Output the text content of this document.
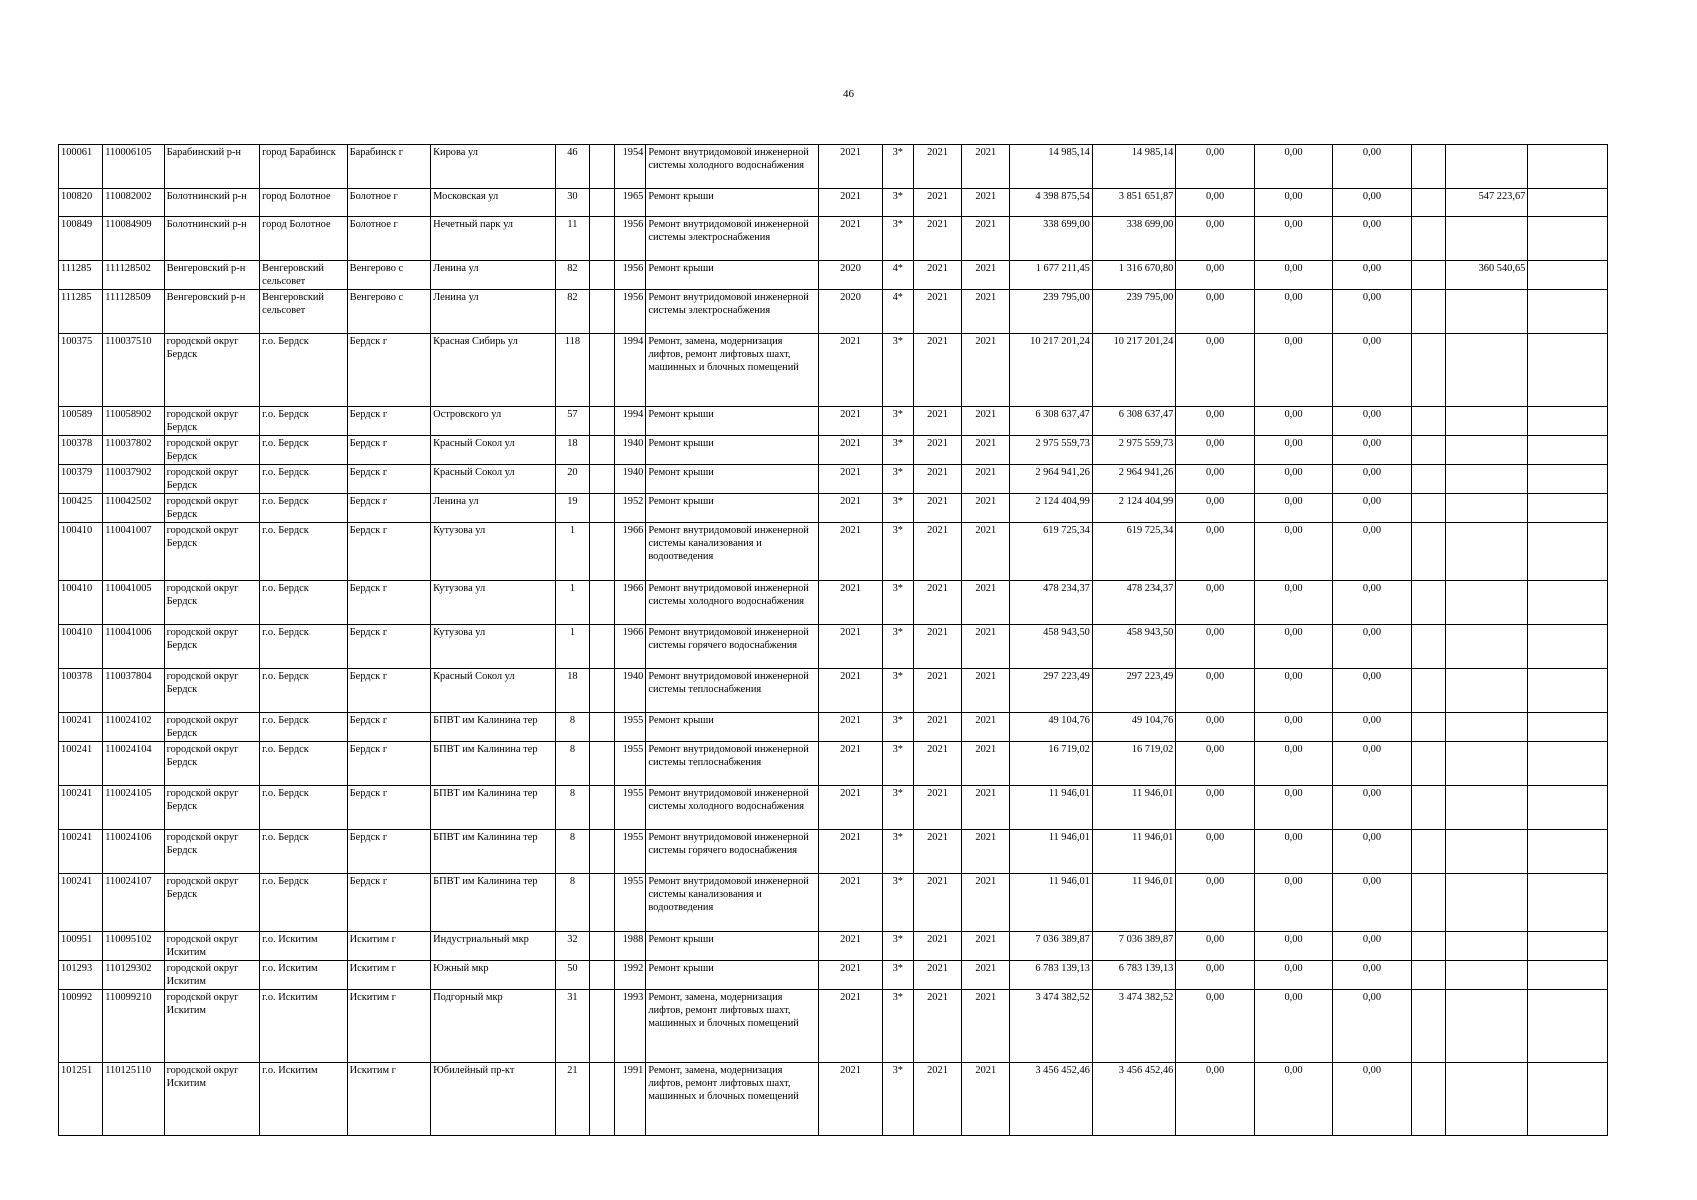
46
100061	110006105	Барабинский р-н	город Барабинск	Барабинск г	Кирова ул	46		1954	Ремонт внутридомовой инженерной системы холодного водоснабжения	2021	3*	2021	2021	14 985,14	14 985,14	0,00	0,00	0,00			
100820	110082002	Болотнинский р-н	город Болотное	Болотное г	Московская ул	30		1965	Ремонт крыши	2021	3*	2021	2021	4 398 875,54	3 851 651,87	0,00	0,00	0,00		547 223,67	
100849	110084909	Болотнинский р-н	город Болотное	Болотное г	Нечетный парк ул	11		1956	Ремонт внутридомовой инженерной системы электроснабжения	2021	3*	2021	2021	338 699,00	338 699,00	0,00	0,00	0,00			
111285	111128502	Венгеровский р-н	Венгеровский сельсовет	Венгерово с	Ленина ул	82		1956	Ремонт крыши	2020	4*	2021	2021	1 677 211,45	1 316 670,80	0,00	0,00	0,00		360 540,65	
111285	111128509	Венгеровский р-н	Венгеровский сельсовет	Венгерово с	Ленина ул	82		1956	Ремонт внутридомовой инженерной системы электроснабжения	2020	4*	2021	2021	239 795,00	239 795,00	0,00	0,00	0,00			
100375	110037510	городской округ Бердск	г.о. Бердск	Бердск г	Красная Сибирь ул	118		1994	Ремонт, замена, модернизация лифтов, ремонт лифтовых шахт, машинных и блочных помещений	2021	3*	2021	2021	10 217 201,24	10 217 201,24	0,00	0,00	0,00			
100589	110058902	городской округ Бердск	г.о. Бердск	Бердск г	Островского ул	57		1994	Ремонт крыши	2021	3*	2021	2021	6 308 637,47	6 308 637,47	0,00	0,00	0,00			
100378	110037802	городской округ Бердск	г.о. Бердск	Бердск г	Красный Сокол ул	18		1940	Ремонт крыши	2021	3*	2021	2021	2 975 559,73	2 975 559,73	0,00	0,00	0,00			
100379	110037902	городской округ Бердск	г.о. Бердск	Бердск г	Красный Сокол ул	20		1940	Ремонт крыши	2021	3*	2021	2021	2 964 941,26	2 964 941,26	0,00	0,00	0,00			
100425	110042502	городской округ Бердск	г.о. Бердск	Бердск г	Ленина ул	19		1952	Ремонт крыши	2021	3*	2021	2021	2 124 404,99	2 124 404,99	0,00	0,00	0,00			
100410	110041007	городской округ Бердск	г.о. Бердск	Бердск г	Кутузова ул	1		1966	Ремонт внутридомовой инженерной системы канализования и водоотведения	2021	3*	2021	2021	619 725,34	619 725,34	0,00	0,00	0,00			
100410	110041005	городской округ Бердск	г.о. Бердск	Бердск г	Кутузова ул	1		1966	Ремонт внутридомовой инженерной системы холодного водоснабжения	2021	3*	2021	2021	478 234,37	478 234,37	0,00	0,00	0,00			
100410	110041006	городской округ Бердск	г.о. Бердск	Бердск г	Кутузова ул	1		1966	Ремонт внутридомовой инженерной системы горячего водоснабжения	2021	3*	2021	2021	458 943,50	458 943,50	0,00	0,00	0,00			
100378	110037804	городской округ Бердск	г.о. Бердск	Бердск г	Красный Сокол ул	18		1940	Ремонт внутридомовой инженерной системы теплоснабжения	2021	3*	2021	2021	297 223,49	297 223,49	0,00	0,00	0,00			
100241	110024102	городской округ Бердск	г.о. Бердск	Бердск г	БПВТ им Калинина тер	8		1955	Ремонт крыши	2021	3*	2021	2021	49 104,76	49 104,76	0,00	0,00	0,00			
100241	110024104	городской округ Бердск	г.о. Бердск	Бердск г	БПВТ им Калинина тер	8		1955	Ремонт внутридомовой инженерной системы теплоснабжения	2021	3*	2021	2021	16 719,02	16 719,02	0,00	0,00	0,00			
100241	110024105	городской округ Бердск	г.о. Бердск	Бердск г	БПВТ им Калинина тер	8		1955	Ремонт внутридомовой инженерной системы холодного водоснабжения	2021	3*	2021	2021	11 946,01	11 946,01	0,00	0,00	0,00			
100241	110024106	городской округ Бердск	г.о. Бердск	Бердск г	БПВТ им Калинина тер	8		1955	Ремонт внутридомовой инженерной системы горячего водоснабжения	2021	3*	2021	2021	11 946,01	11 946,01	0,00	0,00	0,00			
100241	110024107	городской округ Бердск	г.о. Бердск	Бердск г	БПВТ им Калинина тер	8		1955	Ремонт внутридомовой инженерной системы канализования и водоотведения	2021	3*	2021	2021	11 946,01	11 946,01	0,00	0,00	0,00			
100951	110095102	городской округ Искитим	г.о. Искитим	Искитим г	Индустриальный мкр	32		1988	Ремонт крыши	2021	3*	2021	2021	7 036 389,87	7 036 389,87	0,00	0,00	0,00			
101293	110129302	городской округ Искитим	г.о. Искитим	Искитим г	Южный мкр	50		1992	Ремонт крыши	2021	3*	2021	2021	6 783 139,13	6 783 139,13	0,00	0,00	0,00			
100992	110099210	городской округ Искитим	г.о. Искитим	Искитим г	Подгорный мкр	31		1993	Ремонт, замена, модернизация лифтов, ремонт лифтовых шахт, машинных и блочных помещений	2021	3*	2021	2021	3 474 382,52	3 474 382,52	0,00	0,00	0,00			
101251	110125110	городской округ Искитим	г.о. Искитим	Искитим г	Юбилейный пр-кт	21		1991	Ремонт, замена, модернизация лифтов, ремонт лифтовых шахт, машинных и блочных помещений	2021	3*	2021	2021	3 456 452,46	3 456 452,46	0,00	0,00	0,00			
